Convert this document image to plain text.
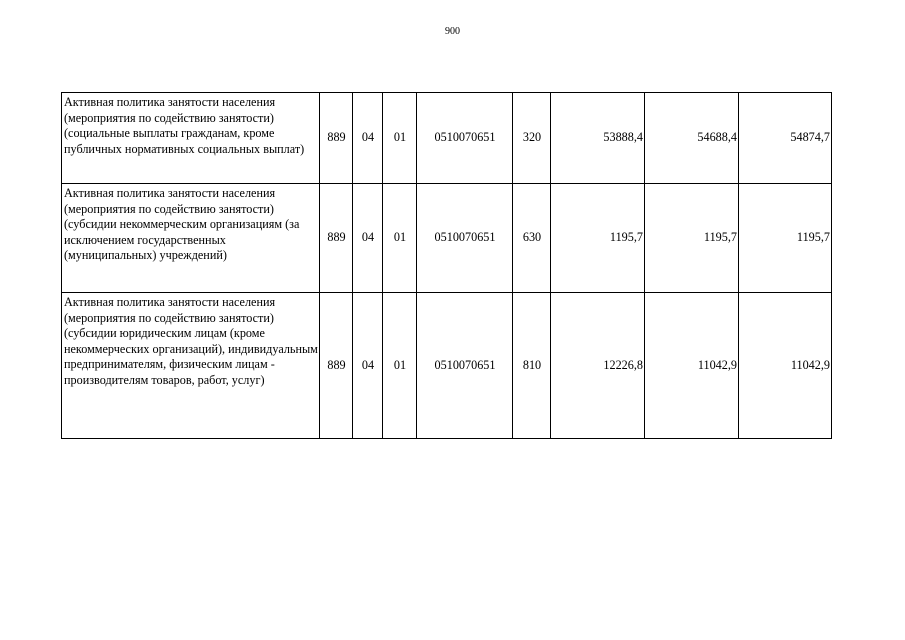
900
Активная политика занятости населения (мероприятия по содействию занятости) (социальные выплаты гражданам, кроме публичных нормативных социальных выплат)	889	04	01	0510070651	320	53888,4	54688,4	54874,7
Активная политика занятости населения (мероприятия по содействию занятости) (субсидии некоммерческим организациям (за исключением государственных (муниципальных) учреждений)	889	04	01	0510070651	630	1195,7	1195,7	1195,7
Активная политика занятости населения (мероприятия по содействию занятости) (субсидии юридическим лицам (кроме некоммерческих организаций), индивидуальным предпринимателям, физическим лицам - производителям товаров, работ, услуг)	889	04	01	0510070651	810	12226,8	11042,9	11042,9
